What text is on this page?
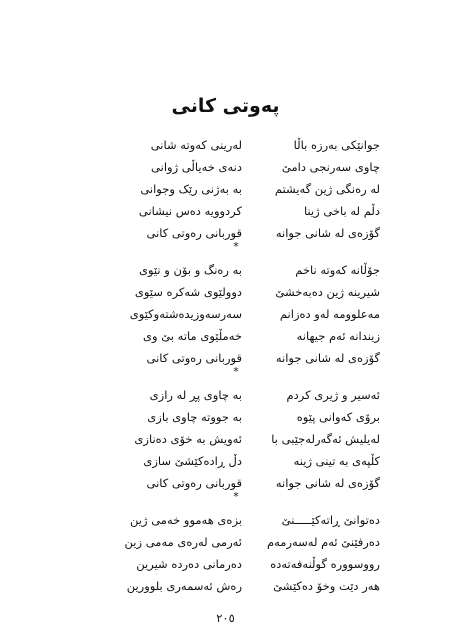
پەوتی کانی
جوانێکی بەرزە باڵا
لەرینی کەوتە شانی
چاوی سەرنجی دامێ
دنەی خەیاڵی ژوانی
لە رەنگی ژین گەیشتم
بە بەژنی رێک وجوانی
دڵم لە باخی ژینا
کردوویە دەس نیشانی
گۆزەی لە شانی جوانە
قوربانی رەوتی کانی
*
جۆڵانە کەوتە ناخم
بە رەنگ و بۆن و نێوی
شیرینە ژین دەبەخشێ
دوولێوی شەکرە سێوی
مەعلوومە لەو دەزانم
سەرسەوزیدەشتەوکێوی
زیندانە ئەم جیهانە
خەمڵێوی ماتە بێ وی
گۆزەی لە شانی جوانە
قوربانی رەوتی کانی
*
ئەسیر و ژیری کردم
بە چاوی پڕ لە رازی
برۆی کەوانی پێوە
بە جووتە چاوی بازی
لەیلیش ئەگەرلەجێبی با
ئەویش بە خۆی دەنازی
کڵپەی بە تینی ژینە
دڵ ڕادەکێشێ سازی
گۆزەی لە شانی جوانە
قوربانی رەوتی کانی
*
دەتوانێ ڕاتەکێـــــنێ
بزەی هەموو خەمی ژین
دەرفێنێ ئەم لەسەرمەم
ئەرمی لەرەی مەمی زین
رووسووره گوڵنەفەتەدە
دەرمانی دەردە شیرین
هەر دێت وخۆ دەکێشێ
رەش ئەسمەری بلوورین
٢٠٥
